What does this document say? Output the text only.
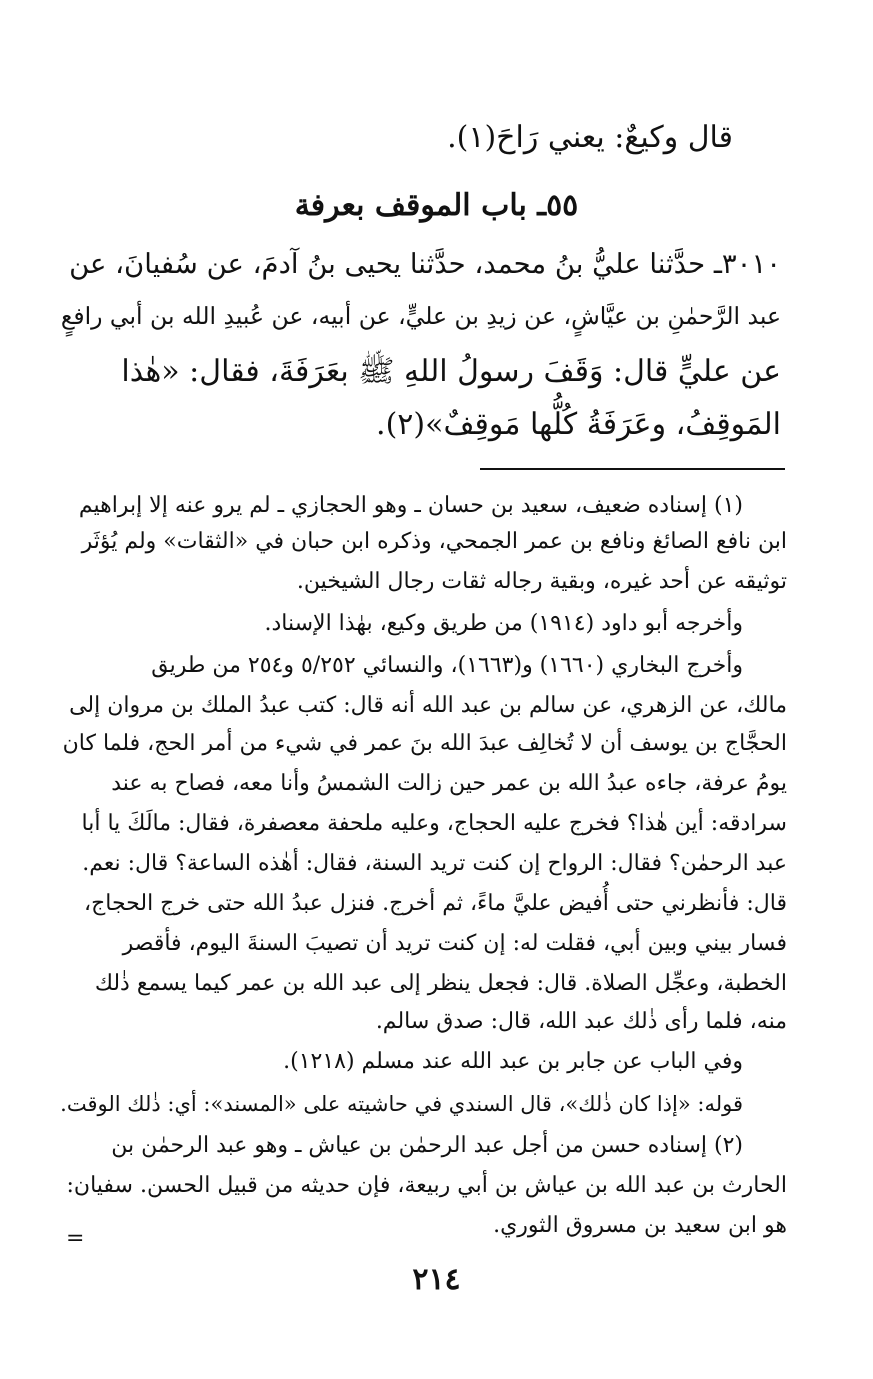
قال وكيعٌ: يعني رَاحَ(١).
٥٥ـ باب الموقف بعرفة
٣٠١٠ـ حدَّثنا عليُّ بنُ محمد، حدَّثنا يحيى بنُ آدمَ، عن سُفيانَ، عن
عبد الرَّحمٰنِ بن عيَّاشٍ، عن زيدِ بن عليٍّ، عن أبيه، عن عُبيدِ الله بن أبي رافعٍ
عن عليٍّ قال: وَقَفَ رسولُ اللهِ ﷺ بعَرَفَةَ، فقال: «هٰذا
المَوقِفُ، وعَرَفَةُ كُلُّها مَوقِفٌ»(٢).
(١) إسناده ضعيف، سعيد بن حسان ـ وهو الحجازي ـ لم يرو عنه إلا إبراهيم
ابن نافع الصائغ ونافع بن عمر الجمحي، وذكره ابن حبان في «الثقات» ولم يُؤثَر
توثيقه عن أحد غيره، وبقية رجاله ثقات رجال الشيخين.
وأخرجه أبو داود (١٩١٤) من طريق وكيع، بهٰذا الإسناد.
وأخرج البخاري (١٦٦٠) و(١٦٦٣)، والنسائي ٥/٢٥٢ و٢٥٤ من طريق
مالك، عن الزهري، عن سالم بن عبد الله أنه قال: كتب عبدُ الملك بن مروان إلى
الحجَّاج بن يوسف أن لا تُخالِف عبدَ الله بنَ عمر في شيء من أمر الحج، فلما كان
يومُ عرفة، جاءه عبدُ الله بن عمر حين زالت الشمسُ وأنا معه، فصاح به عند
سرادقه: أين هٰذا؟ فخرج عليه الحجاج، وعليه ملحفة معصفرة، فقال: مالَكَ يا أبا
عبد الرحمٰن؟ فقال: الرواح إن كنت تريد السنة، فقال: أهٰذه الساعة؟ قال: نعم.
قال: فأنظرني حتى أُفيض عليَّ ماءً، ثم أخرج. فنزل عبدُ الله حتى خرج الحجاج،
فسار بيني وبين أبي، فقلت له: إن كنت تريد أن تصيبَ السنةَ اليوم، فأقصر
الخطبة، وعجِّل الصلاة. قال: فجعل ينظر إلى عبد الله بن عمر كيما يسمع ذٰلك
منه، فلما رأى ذٰلك عبد الله، قال: صدق سالم.
وفي الباب عن جابر بن عبد الله عند مسلم (١٢١٨).
قوله: «إذا كان ذٰلك»، قال السندي في حاشيته على «المسند»: أي: ذٰلك الوقت.
(٢) إسناده حسن من أجل عبد الرحمٰن بن عياش ـ وهو عبد الرحمٰن بن
الحارث بن عبد الله بن عياش بن أبي ربيعة، فإن حديثه من قبيل الحسن. سفيان:
هو ابن سعيد بن مسروق الثوري.
=
٢١٤
